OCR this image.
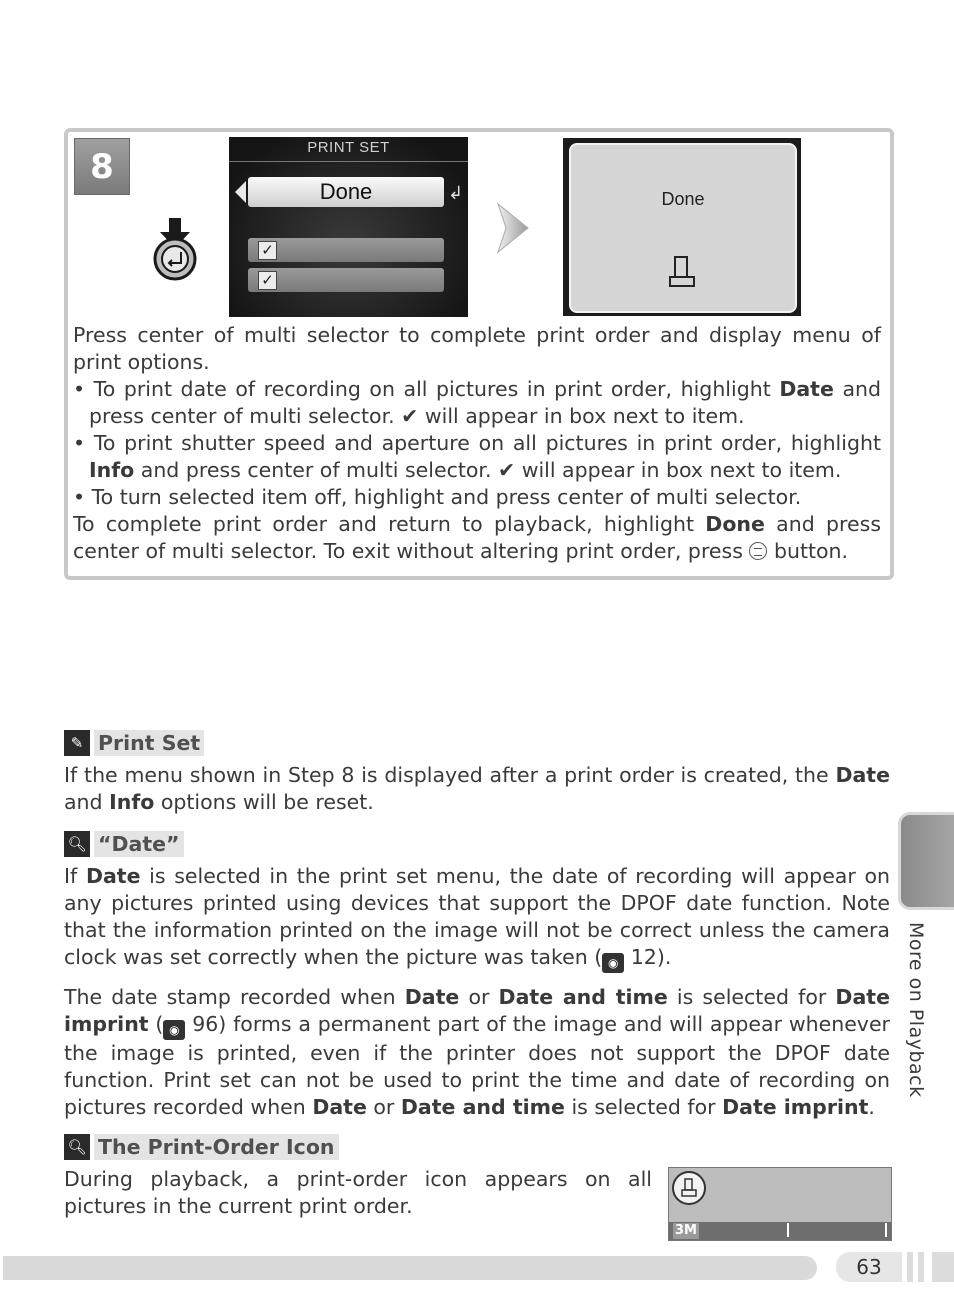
8	PRINT SET
Done	↲
✓
✓
Done

Press center of multi selector to complete print order and display menu of print options.

• To print date of recording on all pictures in print order, highlight Date and press center of multi selector. ✔ will appear in box next to item.

• To print shutter speed and aperture on all pictures in print order, highlight Info and press center of multi selector. ✔ will appear in box next to item.

• To turn selected item off, highlight and press center of multi selector.

To complete print order and return to playback, highlight Done and press center of multi selector. To exit without altering print order, press  button.

✎ Print Set

If the menu shown in Step 8 is displayed after a print order is created, the Date and Info options will be reset.

🔍︎ “Date”

If Date is selected in the print set menu, the date of recording will appear on any pictures printed using devices that support the DPOF date function. Note that the information printed on the image will not be correct unless the camera clock was set correctly when the picture was taken ( ◉ 12).

The date stamp recorded when Date or Date and time is selected for Date imprint ( ◉ 96) forms a permanent part of the image and will appear whenever the image is printed, even if the printer does not support the DPOF date function. Print set can not be used to print the time and date of recording on pictures recorded when Date or Date and time is selected for Date imprint.

🔍︎ The Print-Order Icon

During playback, a print-order icon appears on all pictures in the current print order.

3M
More on Playback
63
